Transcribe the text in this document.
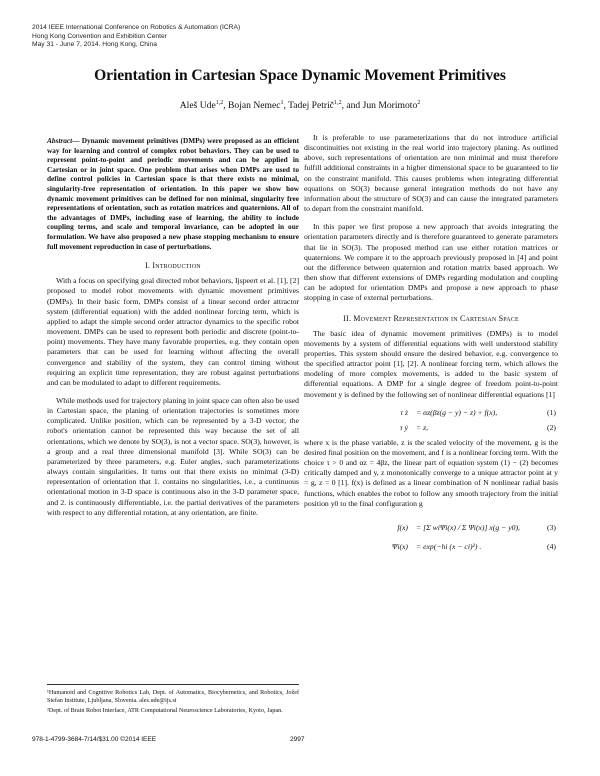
2014 IEEE International Conference on Robotics & Automation (ICRA)
Hong Kong Convention and Exhibition Center
May 31 - June 7, 2014. Hong Kong, China
Orientation in Cartesian Space Dynamic Movement Primitives
Aleš Ude$^{1,2}$, Bojan Nemec$^1$, Tadej Petrič$^{1,2}$, and Jun Morimoto$^2$

Abstract— Dynamic movement primitives (DMPs) were proposed as an efficient way for learning and control of complex robot behaviors. They can be used to represent point-to-point and periodic movements and can be applied in Cartesian or in joint space. One problem that arises when DMPs are used to define control policies in Cartesian space is that there exists no minimal, singularity-free representation of orientation. In this paper we show how dynamic movement primitives can be defined for non minimal, singularity free representations of orientation, such as rotation matrices and quaternions. All of the advantages of DMPs, including ease of learning, the ability to include coupling terms, and scale and temporal invariance, can be adopted in our formulation. We have also proposed a new phase stopping mechanism to ensure full movement reproduction in case of perturbations.

I. Introduction

With a focus on specifying goal directed robot behaviors, Ijspeert et al. [1], [2] proposed to model robot movements with dynamic movement primitives (DMPs). In their basic form, DMPs consist of a linear second order attractor system (differential equation) with the added nonlinear forcing term, which is applied to adapt the simple second order attractor dynamics to the specific robot movement. DMPs can be used to represent both periodic and discrete (point-to-point) movements. They have many favorable properties, e.g. they contain open parameters that can be used for learning without affecting the overall convergence and stability of the system, they can control timing without requiring an explicit time representation, they are robust against perturbations and can be modulated to adapt to different requirements.

While methods used for trajectory planing in joint space can often also be used in Cartesian space, the planing of orientation trajectories is sometimes more complicated. Unlike position, which can be represented by a 3-D vector, the robot's orientation cannot be represented this way because the set of all orientations, which we denote by SO(3), is not a vector space. SO(3), however, is a group and a real three dimensional manifold [3]. While SO(3) can be parameterized by three parameters, e.g. Euler angles, such parameterizations always contain singularities. It turns out that there exists no minimal (3-D) representation of orientation that 1. contains no singularities, i.e., a continuous orientational motion in 3-D space is continuous also in the 3-D parameter space, and 2. is continuously differentiable, i.e. the partial derivatives of the parameters with respect to any differential rotation, at any orientation, are finite.

It is preferable to use parameterizations that do not introduce artificial discontinuities not existing in the real world into trajectory planing. As outlined above, such representations of orientation are non minimal and must therefore fulfill additional constraints in a higher dimensional space to be guaranteed to lie on the constraint manifold. This causes problems when integrating differential equations on SO(3) because general integration methods do not have any information about the structure of SO(3) and can cause the integrated parameters to depart from the constraint manifold.

In this paper we first propose a new approach that avoids integrating the orientation parameters directly and is therefore guaranteed to generate parameters that lie in SO(3). The proposed method can use either rotation matrices or quaternions. We compare it to the approach previously proposed in [4] and point out the difference between quaternion and rotation matrix based approach. We then show that different extensions of DMPs regarding modulation and coupling can be adopted for orientation DMPs and propose a new approach to phase stopping in case of external perturbations.

II. Movement Representation in Cartesian Space

The basic idea of dynamic movement primitives (DMPs) is to model movements by a system of differential equations with well understood stability properties. This system should ensure the desired behavior, e.g. convergence to the specified attractor point [1], [2]. A nonlinear forcing term, which allows the modeling of more complex movements, is added to the basic system of differential equations. A DMP for a single degree of freedom point-to-point movement y is defined by the following set of nonlinear differential equations [1]

τ ż = αz(βz(g − y) − z) + f(x),	(1)
τ ẏ = z,	(2)

where x is the phase variable, z is the scaled velocity of the movement, g is the desired final position on the movement, and f is a nonlinear forcing term. With the choice τ > 0 and αz = 4βz, the linear part of equation system (1) − (2) becomes critically damped and y, z monotonically converge to a unique attractor point at y = g, z = 0 [1]. f(x) is defined as a linear combination of N nonlinear radial basis functions, which enables the robot to follow any smooth trajectory from the initial position y0 to the final configuration g

f(x) = [Σ wiΨi(x) / Σ Ψi(x)] x(g − y0),	(3)
Ψi(x) = exp(−hi (x − ci)²) .	(4)
¹Humanoid and Cognitive Robotics Lab, Dept. of Automatics, Biocybernetics, and Robotics, Jožef Stefan Institute, Ljubljana, Slovenia. ales.ude@ijs.si
²Dept. of Brain Robot Interface, ATR Computational Neuroscience Laboratories, Kyoto, Japan.
978-1-4799-3684-7/14/$31.00 ©2014 IEEE	2997
